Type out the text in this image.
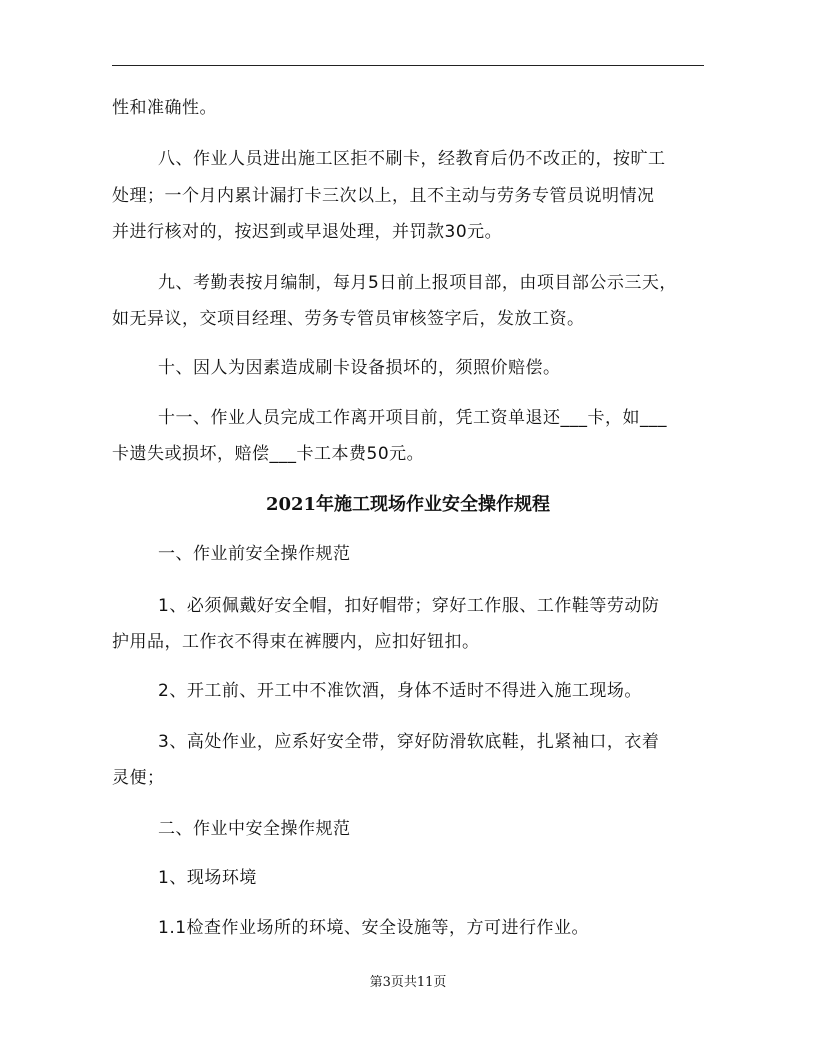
性和准确性。
八、作业人员进出施工区拒不刷卡，经教育后仍不改正的，按旷工
处理；一个月内累计漏打卡三次以上，且不主动与劳务专管员说明情况
并进行核对的，按迟到或早退处理，并罚款30元。
九、考勤表按月编制，每月5日前上报项目部，由项目部公示三天，
如无异议，交项目经理、劳务专管员审核签字后，发放工资。
十、因人为因素造成刷卡设备损坏的，须照价赔偿。
十一、作业人员完成工作离开项目前，凭工资单退还___卡，如___
卡遗失或损坏，赔偿___卡工本费50元。
2021年施工现场作业安全操作规程
一、作业前安全操作规范
1、必须佩戴好安全帽，扣好帽带；穿好工作服、工作鞋等劳动防
护用品，工作衣不得束在裤腰内，应扣好钮扣。
2、开工前、开工中不准饮酒，身体不适时不得进入施工现场。
3、高处作业，应系好安全带，穿好防滑软底鞋，扎紧袖口，衣着
灵便；
二、作业中安全操作规范
1、现场环境
1.1检查作业场所的环境、安全设施等，方可进行作业。
第3页共11页
